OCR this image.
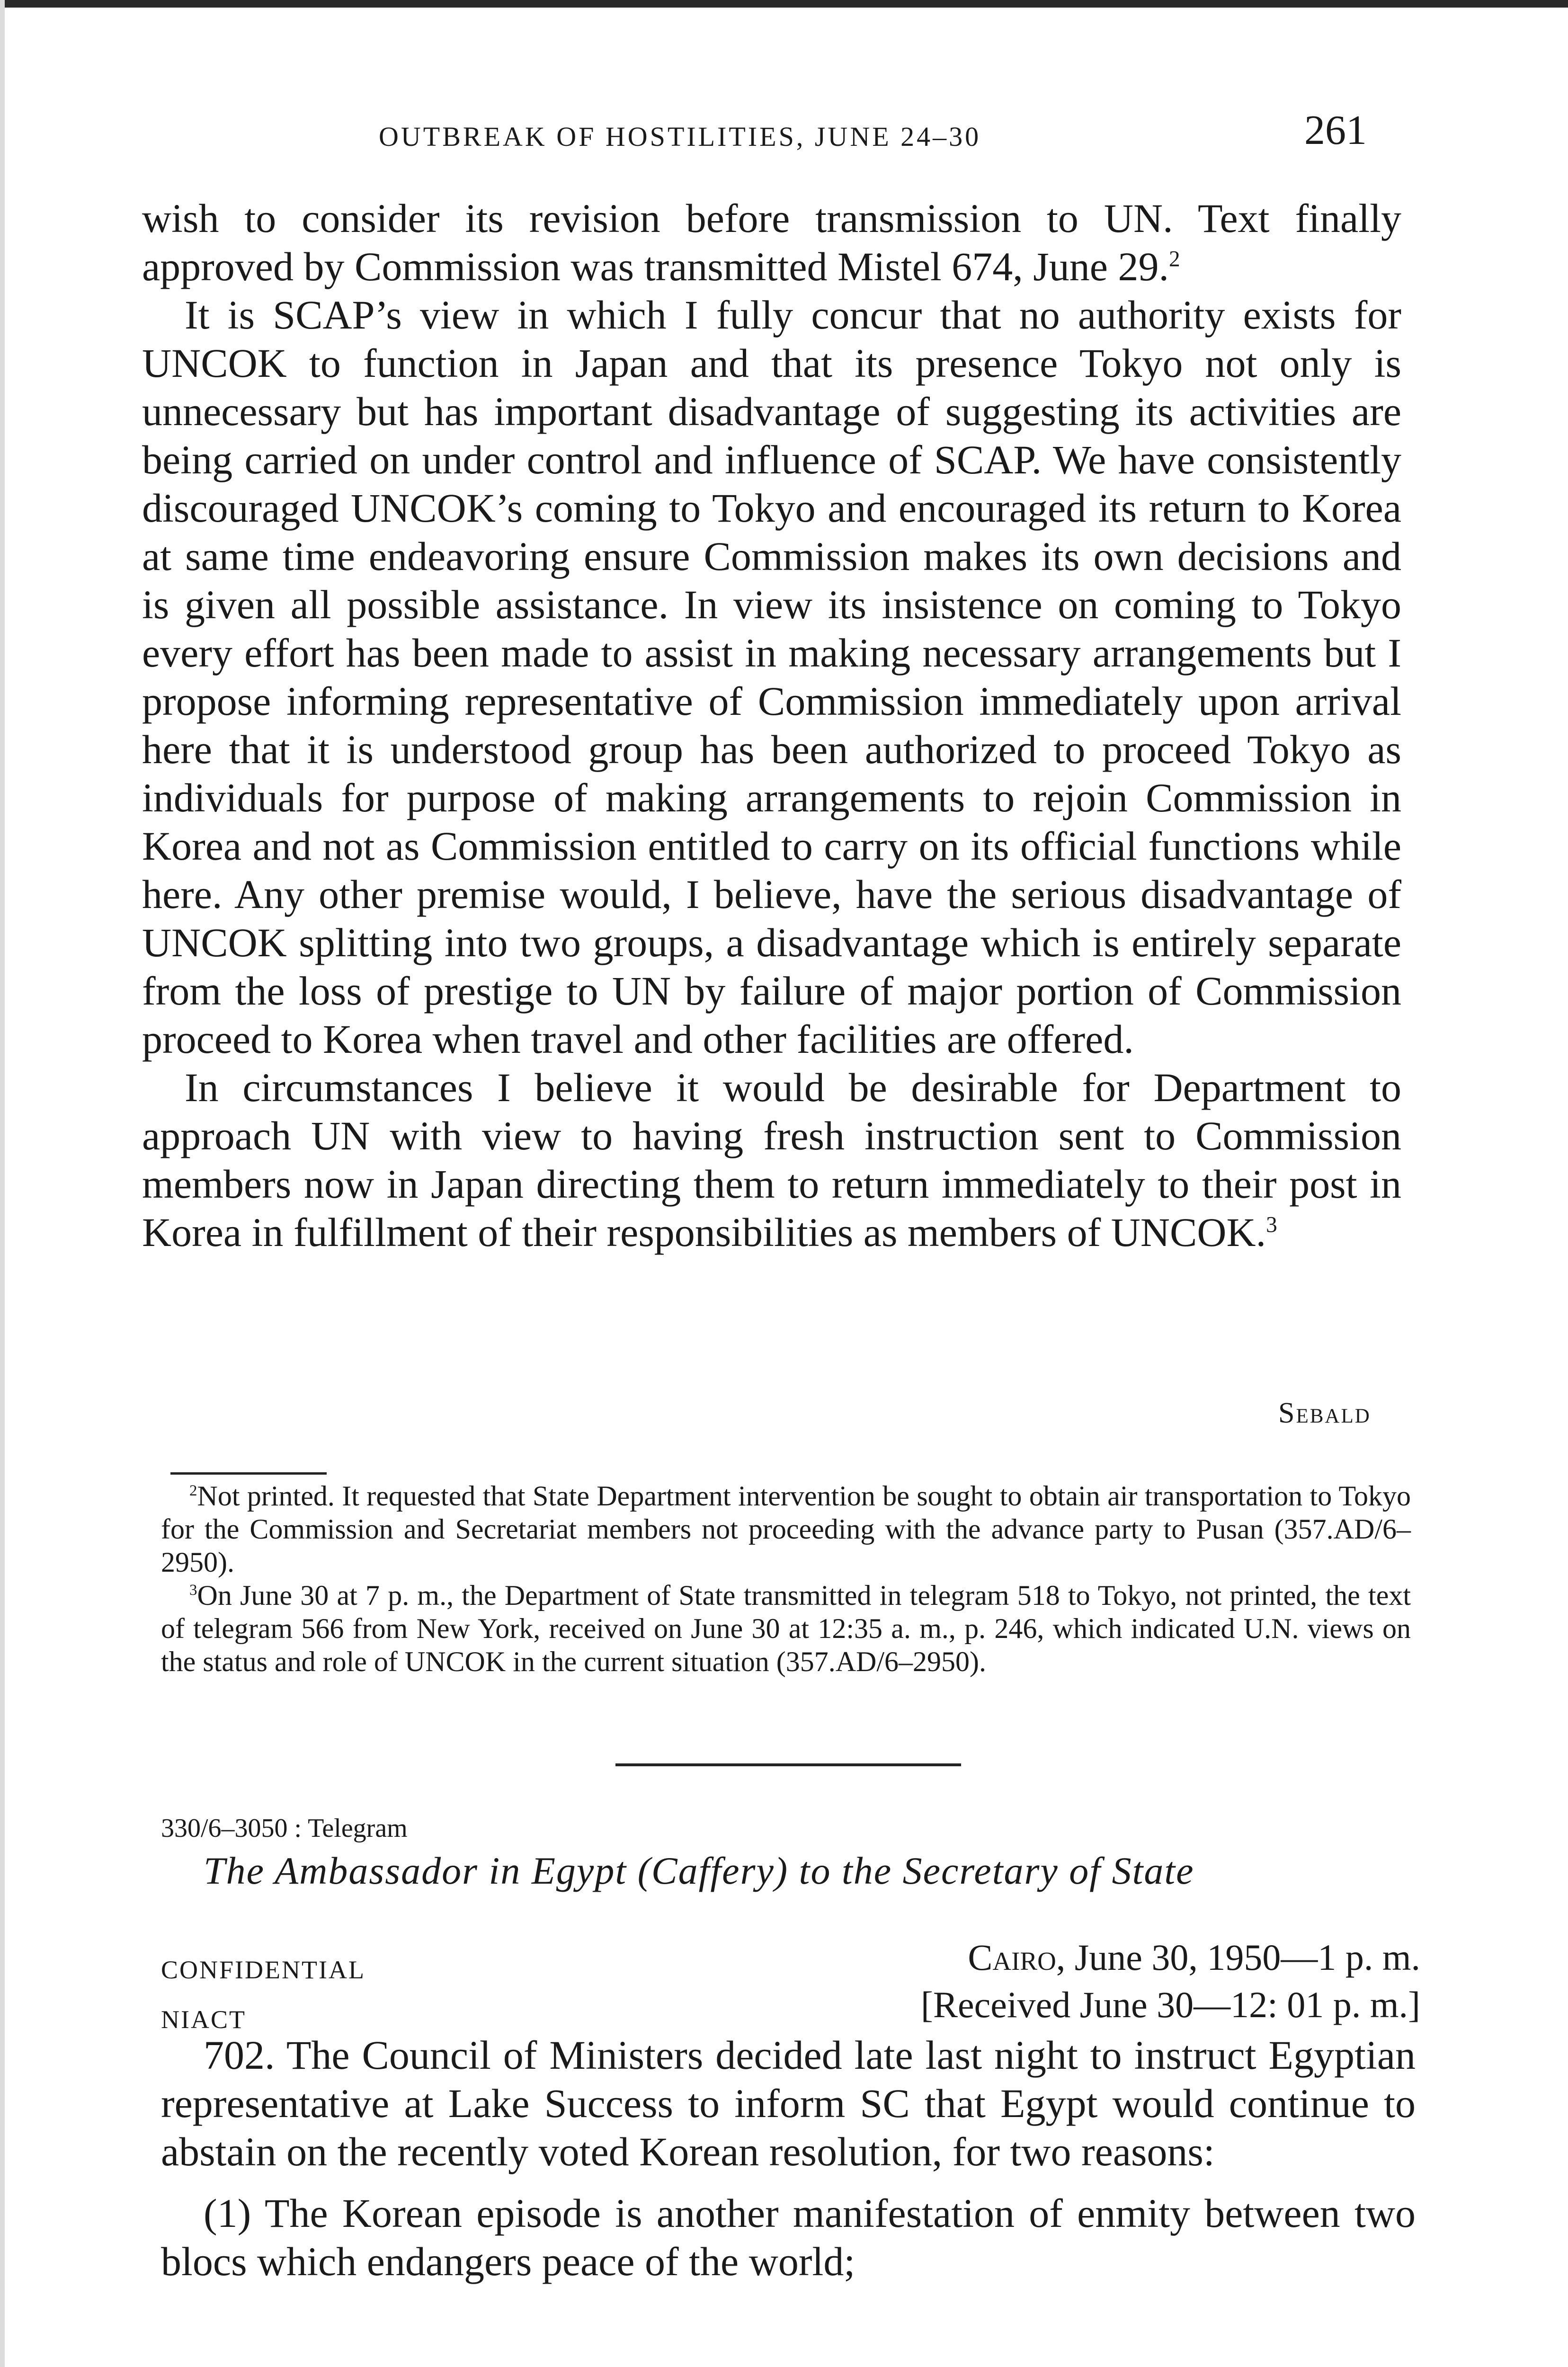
OUTBREAK OF HOSTILITIES, JUNE 24–30	261

wish to consider its revision before transmission to UN. Text finally approved by Commission was transmitted Mistel 674, June 29.$^2$

It is SCAP’s view in which I fully concur that no authority exists for UNCOK to function in Japan and that its presence Tokyo not only is unnecessary but has important disadvantage of suggesting its activities are being carried on under control and influence of SCAP. We have consistently discouraged UNCOK’s coming to Tokyo and encouraged its return to Korea at same time endeavoring ensure Commission makes its own decisions and is given all possible assistance. In view its insistence on coming to Tokyo every effort has been made to assist in making necessary arrangements but I propose informing representative of Commission immediately upon arrival here that it is understood group has been authorized to proceed Tokyo as individuals for purpose of making arrangements to rejoin Commission in Korea and not as Commission entitled to carry on its official functions while here. Any other premise would, I believe, have the serious disadvantage of UNCOK splitting into two groups, a disadvantage which is entirely separate from the loss of prestige to UN by failure of major portion of Commission proceed to Korea when travel and other facilities are offered.

In circumstances I believe it would be desirable for Department to approach UN with view to having fresh instruction sent to Commission members now in Japan directing them to return immediately to their post in Korea in fulfillment of their responsibilities as members of UNCOK.$^3$

Sebald

$^2$Not printed. It requested that State Department intervention be sought to obtain air transportation to Tokyo for the Commission and Secretariat members not proceeding with the advance party to Pusan (357.AD/6–2950).

$^3$On June 30 at 7 p. m., the Department of State transmitted in telegram 518 to Tokyo, not printed, the text of telegram 566 from New York, received on June 30 at 12:35 a. m., p. 246, which indicated U.N. views on the status and role of UNCOK in the current situation (357.AD/6–2950).

330/6–3050 : Telegram
The Ambassador in Egypt (Caffery) to the Secretary of State
CONFIDENTIAL
NIACT
Cairo, June 30, 1950—1 p. m.
[Received June 30—12: 01 p. m.]

702. The Council of Ministers decided late last night to instruct Egyptian representative at Lake Success to inform SC that Egypt would continue to abstain on the recently voted Korean resolution, for two reasons:

(1) The Korean episode is another manifestation of enmity between two blocs which endangers peace of the world;
